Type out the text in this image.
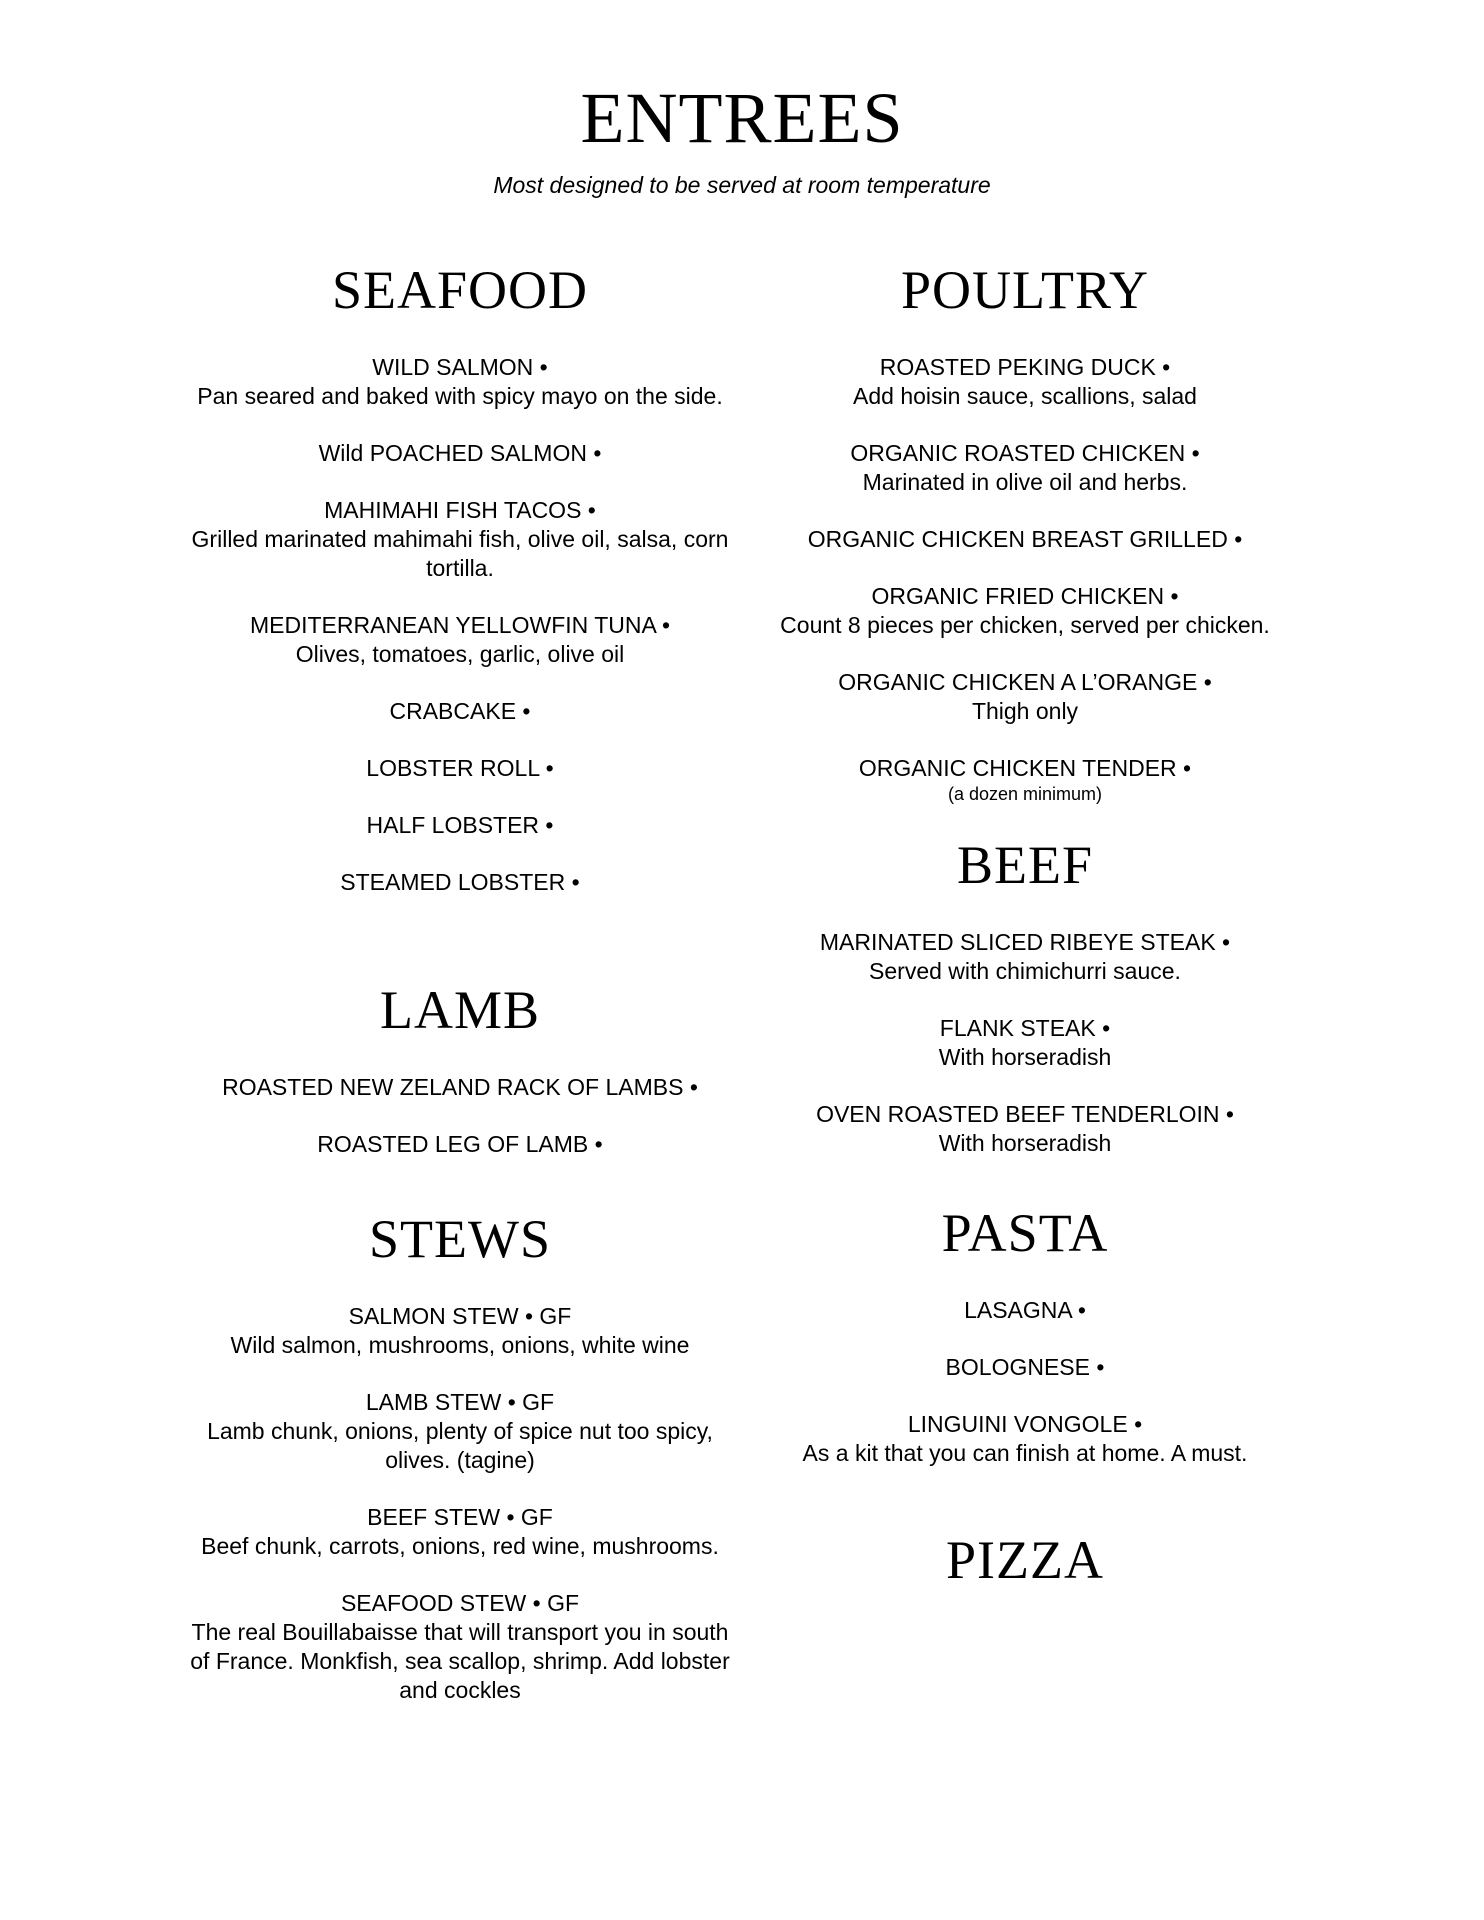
ENTREES
Most designed to be served at room temperature
SEAFOOD
WILD SALMON •
Pan seared and baked with spicy mayo on the side.
Wild POACHED SALMON •
MAHIMAHI FISH TACOS •
Grilled marinated mahimahi fish, olive oil, salsa, corn tortilla.
MEDITERRANEAN YELLOWFIN TUNA •
Olives, tomatoes, garlic, olive oil
CRABCAKE •
LOBSTER ROLL •
HALF LOBSTER •
STEAMED LOBSTER •
LAMB
ROASTED NEW ZELAND RACK OF LAMBS •
ROASTED LEG OF LAMB •
STEWS
SALMON STEW • GF
Wild salmon, mushrooms, onions, white wine
LAMB STEW • GF
Lamb chunk, onions, plenty of spice nut too spicy, olives. (tagine)
BEEF STEW • GF
Beef chunk, carrots, onions, red wine, mushrooms.
SEAFOOD STEW • GF
The real Bouillabaisse that will transport you in south of France. Monkfish, sea scallop, shrimp. Add lobster and cockles
POULTRY
ROASTED PEKING DUCK •
Add hoisin sauce, scallions, salad
ORGANIC ROASTED CHICKEN •
Marinated in olive oil and herbs.
ORGANIC CHICKEN BREAST GRILLED •
ORGANIC FRIED CHICKEN •
Count 8 pieces per chicken, served per chicken.
ORGANIC CHICKEN A L’ORANGE •
Thigh only
ORGANIC CHICKEN TENDER •
(a dozen minimum)
BEEF
MARINATED SLICED RIBEYE STEAK •
Served with chimichurri sauce.
FLANK STEAK •
With horseradish
OVEN ROASTED BEEF TENDERLOIN •
With horseradish
PASTA
LASAGNA •
BOLOGNESE •
LINGUINI VONGOLE •
As a kit that you can finish at home. A must.
PIZZA
